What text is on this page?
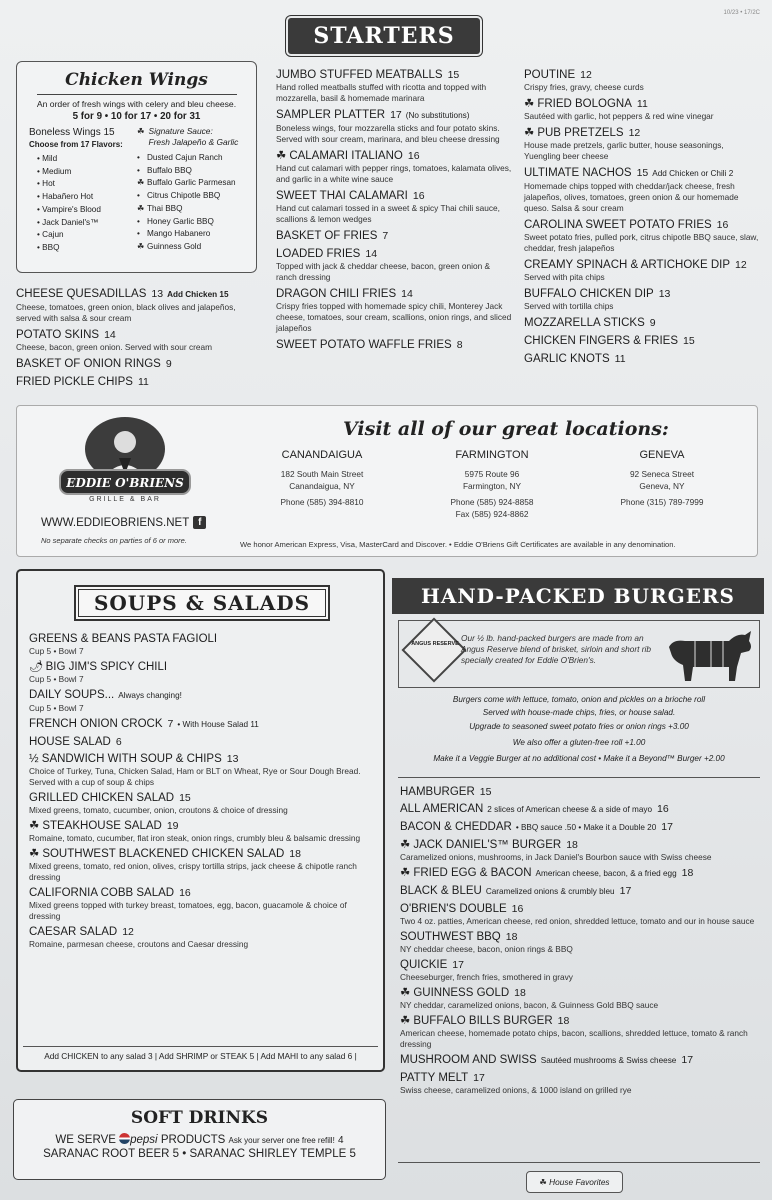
10/23 • 17/2C
STARTERS
Chicken Wings
An order of fresh wings with celery and bleu cheese.
5 for 9 • 10 for 17 • 20 for 31
Boneless Wings 15
Choose from 17 Flavors:
• Mild
• Medium
• Hot
• Habañero Hot
• Vampire's Blood
• Jack Daniel's™
• Cajun
• BBQ
☘ Signature Sauce:
Fresh Jalapeño & Garlic
• Dusted Cajun Ranch
• Buffalo BBQ
☘ Buffalo Garlic Parmesan
• Citrus Chipotle BBQ
☘ Thai BBQ
• Honey Garlic BBQ
• Mango Habanero
☘ Guinness Gold
CHEESE QUESADILLAS 13 Add Chicken 15
Cheese, tomatoes, green onion, black olives and jalapeños, served with salsa & sour cream
POTATO SKINS 14
Cheese, bacon, green onion. Served with sour cream
BASKET OF ONION RINGS 9
FRIED PICKLE CHIPS 11
JUMBO STUFFED MEATBALLS 15
Hand rolled meatballs stuffed with ricotta and topped with mozzarella, basil & homemade marinara
SAMPLER PLATTER 17 (No substitutions)
Boneless wings, four mozzarella sticks and four potato skins. Served with sour cream, marinara, and bleu cheese dressing
☘ CALAMARI ITALIANO 16
Hand cut calamari with pepper rings, tomatoes, kalamata olives, and garlic in a white wine sauce
SWEET THAI CALAMARI 16
Hand cut calamari tossed in a sweet & spicy Thai chili sauce, scallions & lemon wedges
BASKET OF FRIES 7
LOADED FRIES 14
Topped with jack & cheddar cheese, bacon, green onion & ranch dressing
DRAGON CHILI FRIES 14
Crispy fries topped with homemade spicy chili, Monterey Jack cheese, tomatoes, sour cream, scallions, onion rings, and sliced jalapeños
SWEET POTATO WAFFLE FRIES 8
POUTINE 12
Crispy fries, gravy, cheese curds
☘ FRIED BOLOGNA 11
Sautéed with garlic, hot peppers & red wine vinegar
☘ PUB PRETZELS 12
House made pretzels, garlic butter, house seasonings, Yuengling beer cheese
ULTIMATE NACHOS 15 Add Chicken or Chili 2
Homemade chips topped with cheddar/jack cheese, fresh jalapeños, olives, tomatoes, green onion & our homemade queso. Salsa & sour cream
CAROLINA SWEET POTATO FRIES 16
Sweet potato fries, pulled pork, citrus chipotle BBQ sauce, slaw, cheddar, fresh jalapeños
CREAMY SPINACH & ARTICHOKE DIP 12
Served with pita chips
BUFFALO CHICKEN DIP 13
Served with tortilla chips
MOZZARELLA STICKS 9
CHICKEN FINGERS & FRIES 15
GARLIC KNOTS 11
Visit all of our great locations:
EDDIE O'BRIENS
GRILLE & BAR
WWW.EDDIEOBRIENS.NET f
No separate checks on parties of 6 or more.	We honor American Express, Visa, MasterCard and Discover. • Eddie O'Briens Gift Certificates are available in any denomination.
CANANDAIGUA
182 South Main Street
Canandaigua, NY
Phone (585) 394-8810
FARMINGTON
5975 Route 96
Farmington, NY
Phone (585) 924-8858
Fax (585) 924-8862
GENEVA
92 Seneca Street
Geneva, NY
Phone (315) 789-7999
SOUPS & SALADS
GREENS & BEANS PASTA FAGIOLI
Cup 5 • Bowl 7
🌶 BIG JIM'S SPICY CHILI
Cup 5 • Bowl 7
DAILY SOUPS... Always changing!
Cup 5 • Bowl 7
FRENCH ONION CROCK 7 • With House Salad 11
HOUSE SALAD 6
½ SANDWICH WITH SOUP & CHIPS 13
Choice of Turkey, Tuna, Chicken Salad, Ham or BLT on Wheat, Rye or Sour Dough Bread. Served with a cup of soup & chips
GRILLED CHICKEN SALAD 15
Mixed greens, tomato, cucumber, onion, croutons & choice of dressing
☘ STEAKHOUSE SALAD 19
Romaine, tomato, cucumber, flat iron steak, onion rings, crumbly bleu & balsamic dressing
☘ SOUTHWEST BLACKENED CHICKEN SALAD 18
Mixed greens, tomato, red onion, olives, crispy tortilla strips, jack cheese & chipotle ranch dressing
CALIFORNIA COBB SALAD 16
Mixed greens topped with turkey breast, tomatoes, egg, bacon, guacamole & choice of dressing
CAESAR SALAD 12
Romaine, parmesan cheese, croutons and Caesar dressing
Add CHICKEN to any salad 3 | Add SHRIMP or STEAK 5 | Add MAHI to any salad 6 |
HAND-PACKED BURGERS
ANGUS RESERVE
Our ½ lb. hand-packed burgers are made from an Angus Reserve blend of brisket, sirloin and short rib specially created for Eddie O'Brien's.
Burgers come with lettuce, tomato, onion and pickles on a brioche roll
Served with house-made chips, fries, or house salad.
Upgrade to seasoned sweet potato fries or onion rings +3.00
We also offer a gluten-free roll +1.00
Make it a Veggie Burger at no additional cost • Make it a Beyond™ Burger +2.00
HAMBURGER 15
ALL AMERICAN 2 slices of American cheese & a side of mayo 16
BACON & CHEDDAR • BBQ sauce .50 • Make it a Double 20 17
☘ JACK DANIEL'S™ BURGER 18
Caramelized onions, mushrooms, in Jack Daniel's Bourbon sauce with Swiss cheese
☘ FRIED EGG & BACON American cheese, bacon, & a fried egg 18
BLACK & BLEU Caramelized onions & crumbly bleu 17
O'BRIEN'S DOUBLE 16
Two 4 oz. patties, American cheese, red onion, shredded lettuce, tomato and our in house sauce
SOUTHWEST BBQ 18
NY cheddar cheese, bacon, onion rings & BBQ
QUICKIE 17
Cheeseburger, french fries, smothered in gravy
☘ GUINNESS GOLD 18
NY cheddar, caramelized onions, bacon, & Guinness Gold BBQ sauce
☘ BUFFALO BILLS BURGER 18
American cheese, homemade potato chips, bacon, scallions, shredded lettuce, tomato & ranch dressing
MUSHROOM AND SWISS Sautéed mushrooms & Swiss cheese 17
PATTY MELT 17
Swiss cheese, caramelized onions, & 1000 island on grilled rye
☘ House Favorites
SOFT DRINKS
WE SERVE pepsi PRODUCTS Ask your server one free refill! 4
SARANAC ROOT BEER 5 • SARANAC SHIRLEY TEMPLE 5
